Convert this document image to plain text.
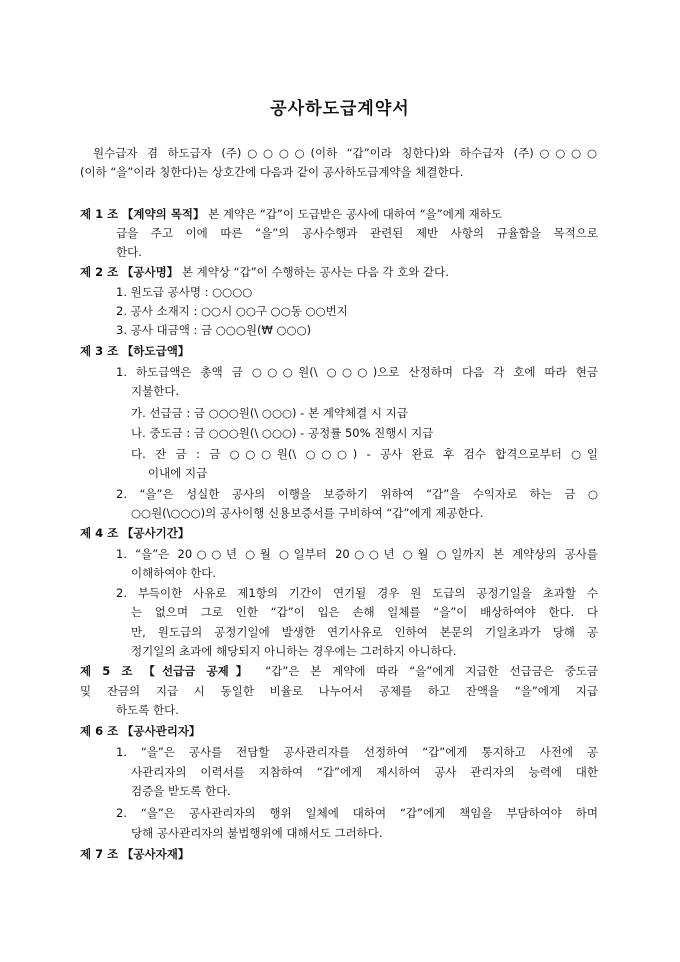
공사하도급계약서
원수급자 겸 하도급자 (주)○○○○(이하 “갑”이라 칭한다)와 하수급자 (주)○○○○
(이하 “을”이라 칭한다)는 상호간에 다음과 같이 공사하도급계약을 체결한다.
제 1 조 【계약의 목적】 본 계약은 “갑”이 도급받은 공사에 대하여 “을”에게 재하도
급을 주고 이에 따른 “을”의 공사수행과 관련된 제반 사항의 규율함을 목적으로
한다.
제 2 조 【공사명】 본 계약상 “갑”이 수행하는 공사는 다음 각 호와 같다.
1. 원도급 공사명 : ○○○○
2. 공사 소재지 : ○○시 ○○구 ○○동 ○○번지
3. 공사 대금액 : 금 ○○○원(₩ ○○○)
제 3 조 【하도급액】
1. 하도급액은 총액 금 ○○○원(\ ○○○)으로 산정하며 다음 각 호에 따라 현금
지불한다.
가. 선급금 : 금 ○○○원(\ ○○○) - 본 계약체결 시 지급
나. 중도금 : 금 ○○○원(\ ○○○) - 공정률 50% 진행시 지급
다. 잔 금 : 금 ○○○원(\ ○○○) - 공사 완료 후 검수 합격으로부터 ○일
이내에 지급
2. “을”은 성실한 공사의 이행을 보증하기 위하여 “갑”을 수익자로 하는 금 ○
○○원(\○○○)의 공사이행 신용보증서를 구비하여 “갑”에게 제공한다.
제 4 조 【공사기간】
1. “을”은 20○○년 ○월 ○일부터 20○○년 ○월 ○일까지 본 계약상의 공사를
이해하여야 한다.
2. 부득이한 사유로 제1항의 기간이 연기될 경우 원 도급의 공정기일을 초과할 수
는 없으며 그로 인한 “갑”이 입은 손해 일체를 “을”이 배상하여야 한다. 다
만, 원도급의 공정기일에 발생한 연기사유로 인하여 본문의 기일초과가 당해 공
정기일의 초과에 해당되지 아니하는 경우에는 그러하지 아니하다.
제 5 조 【선급금 공제】 “갑”은 본 계약에 따라 “을”에게 지급한 선급금은 중도금
및 잔금의 지급 시 동일한 비율로 나누어서 공제를 하고 잔액을 “을”에게 지급
하도록 한다.
제 6 조 【공사관리자】
1. “을”은 공사를 전담할 공사관리자를 선정하여 “갑”에게 통지하고 사전에 공
사관리자의 이력서를 지참하여 “갑”에게 제시하여 공사 관리자의 능력에 대한
검증을 받도록 한다.
2. “을”은 공사관리자의 행위 일체에 대하여 “갑”에게 책임을 부담하여야 하며
당해 공사관리자의 불법행위에 대해서도 그러하다.
제 7 조 【공사자재】
